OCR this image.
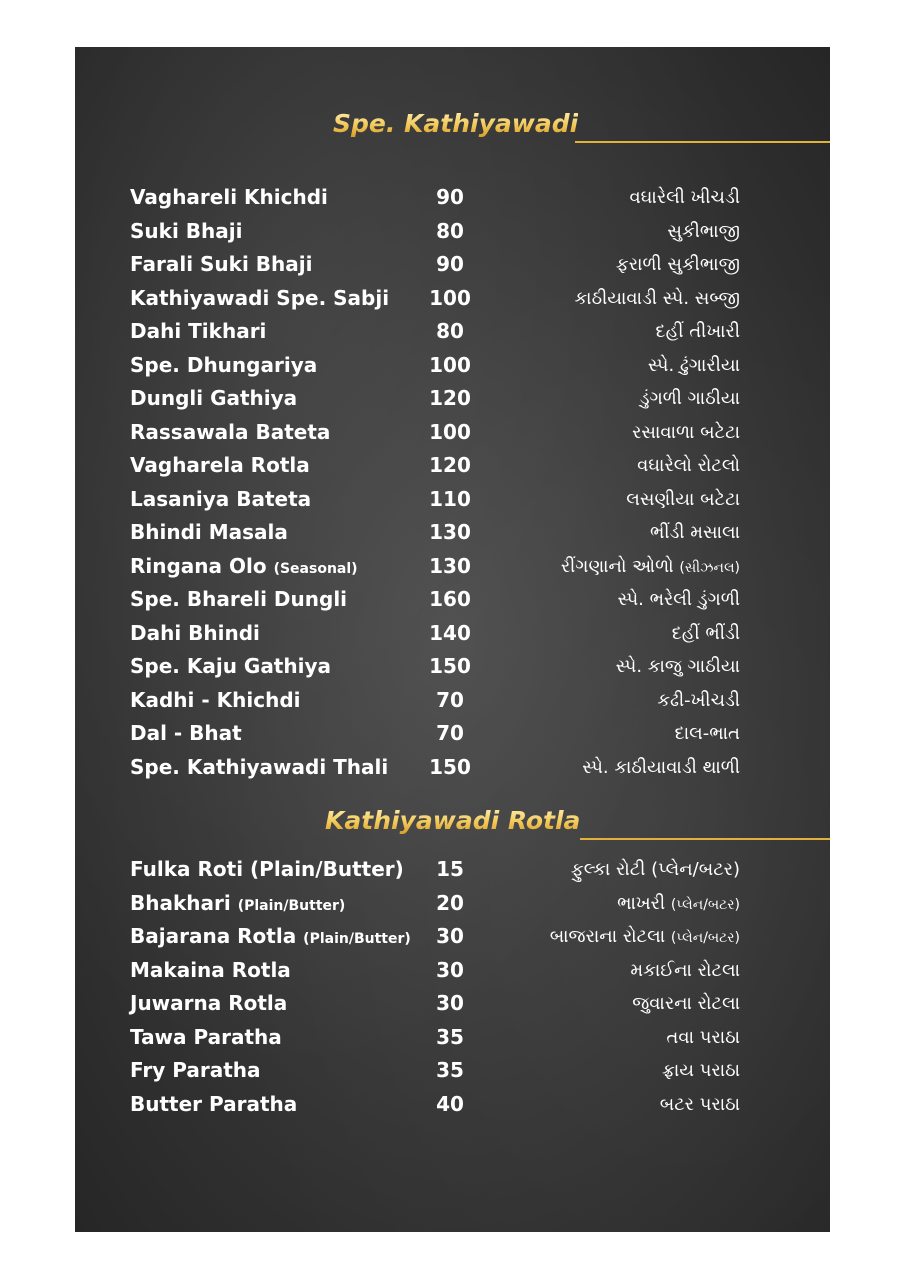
Spe. Kathiyawadi
Vaghareli Khichdi	90	વઘારેલી ખીચડી
Suki Bhaji	80	સુકીભાજી
Farali Suki Bhaji	90	ફરાળી સુકીભાજી
Kathiyawadi Spe. Sabji	100	કાઠીયાવાડી સ્પે. સબ્જી
Dahi Tikhari	80	દહીં તીખારી
Spe. Dhungariya	100	સ્પે. ઢુંગારીયા
Dungli Gathiya	120	ડુંગળી ગાઠીયા
Rassawala Bateta	100	રસાવાળા બટેટા
Vagharela Rotla	120	વઘારેલો રોટલો
Lasaniya Bateta	110	લસણીયા બટેટા
Bhindi Masala	130	ભીંડી મસાલા
Ringana Olo (Seasonal)	130	રીંગણાનો ઓળો (સીઝનલ)
Spe. Bhareli Dungli	160	સ્પે. ભરેલી ડુંગળી
Dahi Bhindi	140	દહીં ભીંડી
Spe. Kaju Gathiya	150	સ્પે. કાજુ ગાઠીયા
Kadhi - Khichdi	70	કઢી-ખીચડી
Dal - Bhat	70	દાલ-ભાત
Spe. Kathiyawadi Thali	150	સ્પે. કાઠીયાવાડી થાળી
Kathiyawadi Rotla
Fulka Roti (Plain/Butter)	15	ફુલ્કા રોટી (પ્લેન/બટર)
Bhakhari (Plain/Butter)	20	ભાખરી (પ્લેન/બટર)
Bajarana Rotla (Plain/Butter)	30	બાજરાના રોટલા (પ્લેન/બટર)
Makaina Rotla	30	મકાઈના રોટલા
Juwarna Rotla	30	જુવારના રોટલા
Tawa Paratha	35	તવા પરાઠા
Fry Paratha	35	ફ્રાય પરાઠા
Butter Paratha	40	બટર પરાઠા
